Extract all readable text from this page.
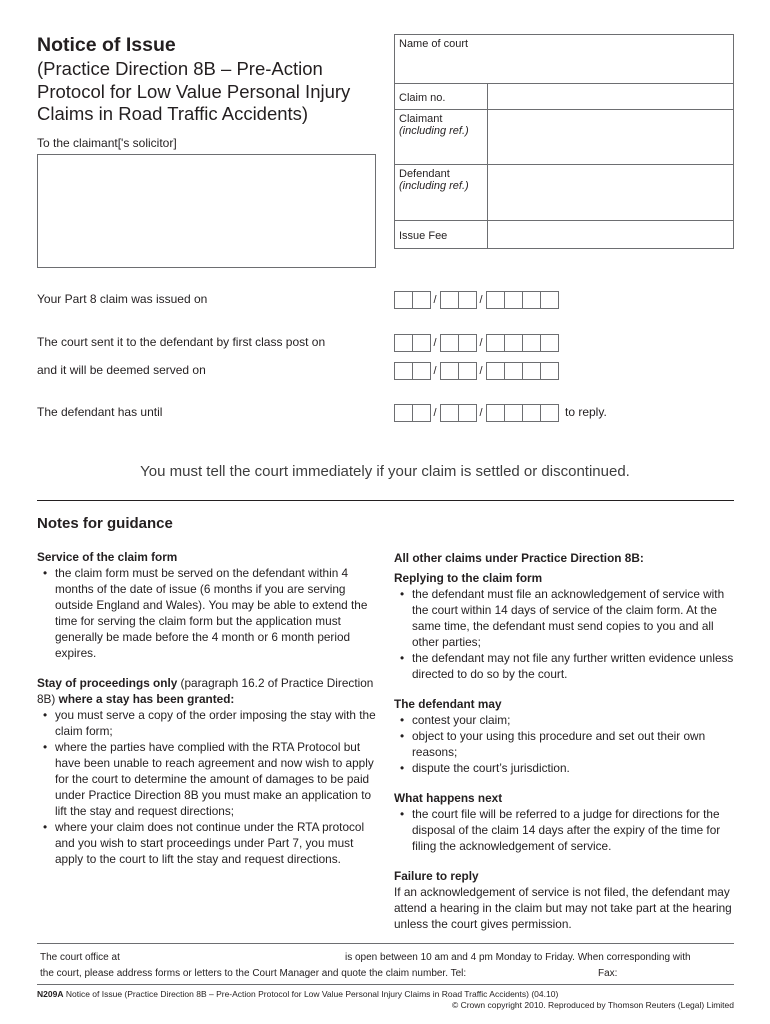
Notice of Issue
(Practice Direction 8B – Pre-Action
Protocol for Low Value Personal Injury
Claims in Road Traffic Accidents)
To the claimant['s solicitor]
Name of court
Claim no.
Claimant
(including ref.)
Defendant
(including ref.)
Issue Fee
Your Part 8 claim was issued on	/	/
The court sent it to the defendant by first class post on	/	/
and it will be deemed served on	/	/
The defendant has until	/	/	to reply.
You must tell the court immediately if your claim is settled or discontinued.
Notes for guidance
Service of the claim form
• the claim form must be served on the defendant within 4 months of the date of issue (6 months if you are serving outside England and Wales). You may be able to extend the time for serving the claim form but the application must generally be made before the 4 month or 6 month period expires.
Stay of proceedings only (paragraph 16.2 of Practice Direction 8B) where a stay has been granted:
• you must serve a copy of the order imposing the stay with the claim form;
• where the parties have complied with the RTA Protocol but have been unable to reach agreement and now wish to apply for the court to determine the amount of damages to be paid under Practice Direction 8B you must make an application to lift the stay and request directions;
• where your claim does not continue under the RTA protocol and you wish to start proceedings under Part 7, you must apply to the court to lift the stay and request directions.
All other claims under Practice Direction 8B:
Replying to the claim form
• the defendant must file an acknowledgement of service with the court within 14 days of service of the claim form. At the same time, the defendant must send copies to you and all other parties;
• the defendant may not file any further written evidence unless directed to do so by the court.
The defendant may
• contest your claim;
• object to your using this procedure and set out their own reasons;
• dispute the court’s jurisdiction.
What happens next
• the court file will be referred to a judge for directions for the disposal of the claim 14 days after the expiry of the time for filing the acknowledgement of service.
Failure to reply
If an acknowledgement of service is not filed, the defendant may attend a hearing in the claim but may not take part at the hearing unless the court gives permission.
The court office at	is open between 10 am and 4 pm Monday to Friday. When corresponding with
the court, please address forms or letters to the Court Manager and quote the claim number. Tel:	Fax:
N209A Notice of Issue (Practice Direction 8B – Pre-Action Protocol for Low Value Personal Injury Claims in Road Traffic Accidents) (04.10)
© Crown copyright 2010. Reproduced by Thomson Reuters (Legal) Limited
